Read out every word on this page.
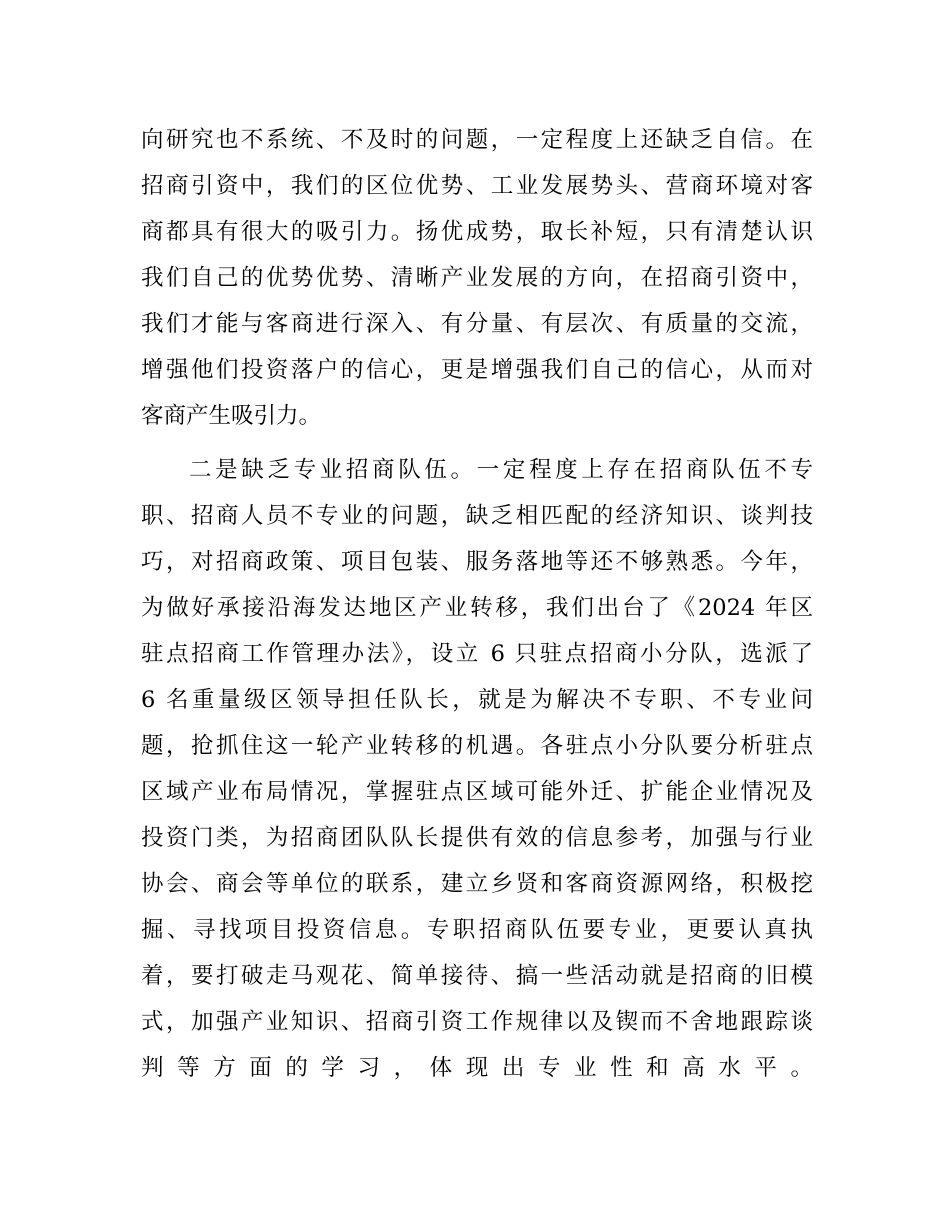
向研究也不系统、不及时的问题，一定程度上还缺乏自信。在
招商引资中，我们的区位优势、工业发展势头、营商环境对客
商都具有很大的吸引力。扬优成势，取长补短，只有清楚认识
我们自己的优势优势、清晰产业发展的方向，在招商引资中，
我们才能与客商进行深入、有分量、有层次、有质量的交流，
增强他们投资落户的信心，更是增强我们自己的信心，从而对
客商产生吸引力。
二是缺乏专业招商队伍。一定程度上存在招商队伍不专
职、招商人员不专业的问题，缺乏相匹配的经济知识、谈判技
巧，对招商政策、项目包装、服务落地等还不够熟悉。今年，
为做好承接沿海发达地区产业转移，我们出台了《2024 年区
驻点招商工作管理办法》，设立 6 只驻点招商小分队，选派了
6 名重量级区领导担任队长，就是为解决不专职、不专业问
题，抢抓住这一轮产业转移的机遇。各驻点小分队要分析驻点
区域产业布局情况，掌握驻点区域可能外迁、扩能企业情况及
投资门类，为招商团队队长提供有效的信息参考，加强与行业
协会、商会等单位的联系，建立乡贤和客商资源网络，积极挖
掘、寻找项目投资信息。专职招商队伍要专业，更要认真执
着，要打破走马观花、简单接待、搞一些活动就是招商的旧模
式，加强产业知识、招商引资工作规律以及锲而不舍地跟踪谈
判等方面的学习，体现出专业性和高水平。
